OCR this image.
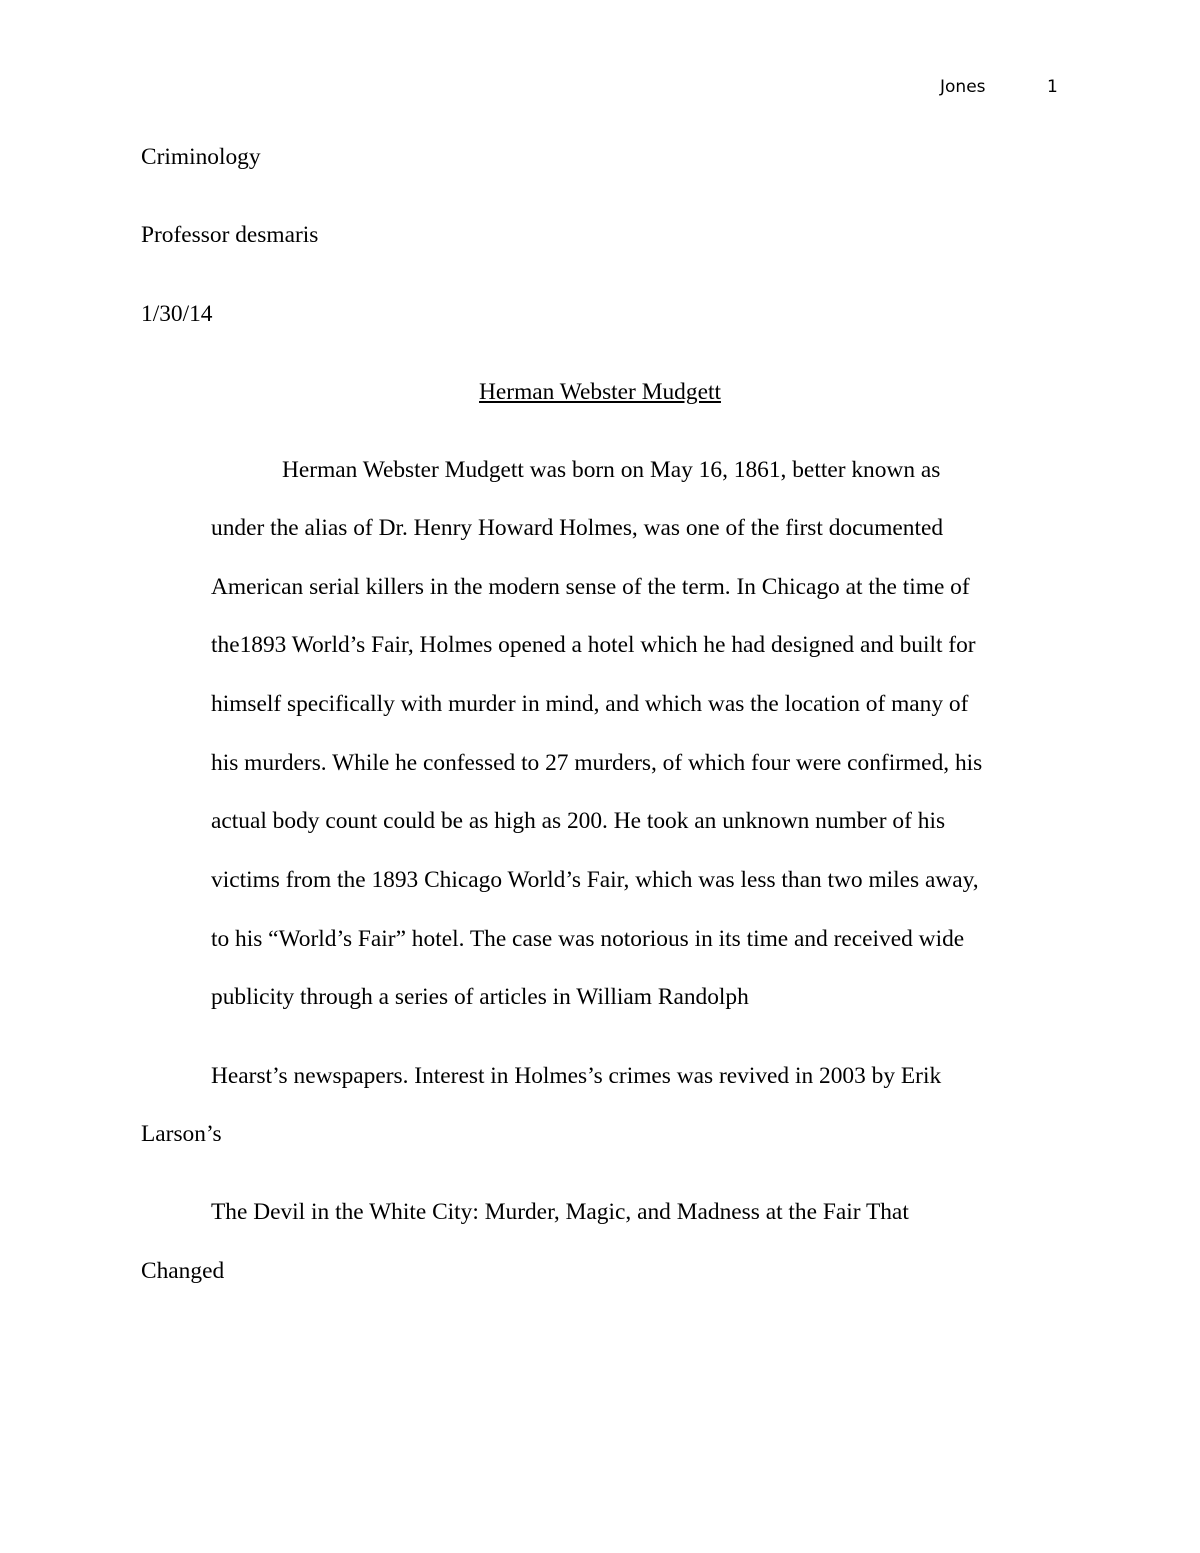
Jones	1
Criminology
Professor desmaris
1/30/14
Herman Webster Mudgett
Herman Webster Mudgett was born on May 16, 1861, better known as
under the alias of Dr. Henry Howard Holmes, was one of the first documented
American serial killers in the modern sense of the term. In Chicago at the time of
the1893 World’s Fair, Holmes opened a hotel which he had designed and built for
himself specifically with murder in mind, and which was the location of many of
his murders. While he confessed to 27 murders, of which four were confirmed, his
actual body count could be as high as 200. He took an unknown number of his
victims from the 1893 Chicago World’s Fair, which was less than two miles away,
to his “World’s Fair” hotel. The case was notorious in its time and received wide
publicity through a series of articles in William Randolph
Hearst’s newspapers. Interest in Holmes’s crimes was revived in 2003 by Erik
Larson’s
The Devil in the White City: Murder, Magic, and Madness at the Fair That
Changed
